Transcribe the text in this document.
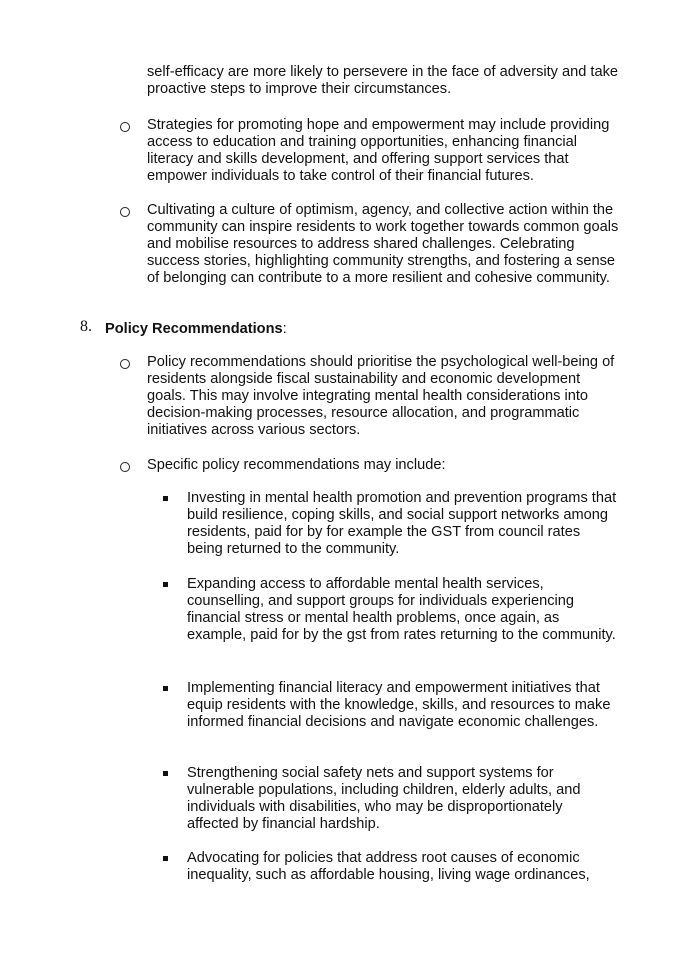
self-efficacy are more likely to persevere in the face of adversity and take proactive steps to improve their circumstances.

Strategies for promoting hope and empowerment may include providing access to education and training opportunities, enhancing financial literacy and skills development, and offering support services that empower individuals to take control of their financial futures.

Cultivating a culture of optimism, agency, and collective action within the community can inspire residents to work together towards common goals and mobilise resources to address shared challenges. Celebrating success stories, highlighting community strengths, and fostering a sense of belonging can contribute to a more resilient and cohesive community.

8. Policy Recommendations:

Policy recommendations should prioritise the psychological well-being of residents alongside fiscal sustainability and economic development goals. This may involve integrating mental health considerations into decision-making processes, resource allocation, and programmatic initiatives across various sectors.

Specific policy recommendations may include:

Investing in mental health promotion and prevention programs that build resilience, coping skills, and social support networks among residents, paid for by for example the GST from council rates being returned to the community.

Expanding access to affordable mental health services, counselling, and support groups for individuals experiencing financial stress or mental health problems, once again, as example, paid for by the gst from rates returning to the community.

Implementing financial literacy and empowerment initiatives that equip residents with the knowledge, skills, and resources to make informed financial decisions and navigate economic challenges.

Strengthening social safety nets and support systems for vulnerable populations, including children, elderly adults, and individuals with disabilities, who may be disproportionately affected by financial hardship.

Advocating for policies that address root causes of economic inequality, such as affordable housing, living wage ordinances,
